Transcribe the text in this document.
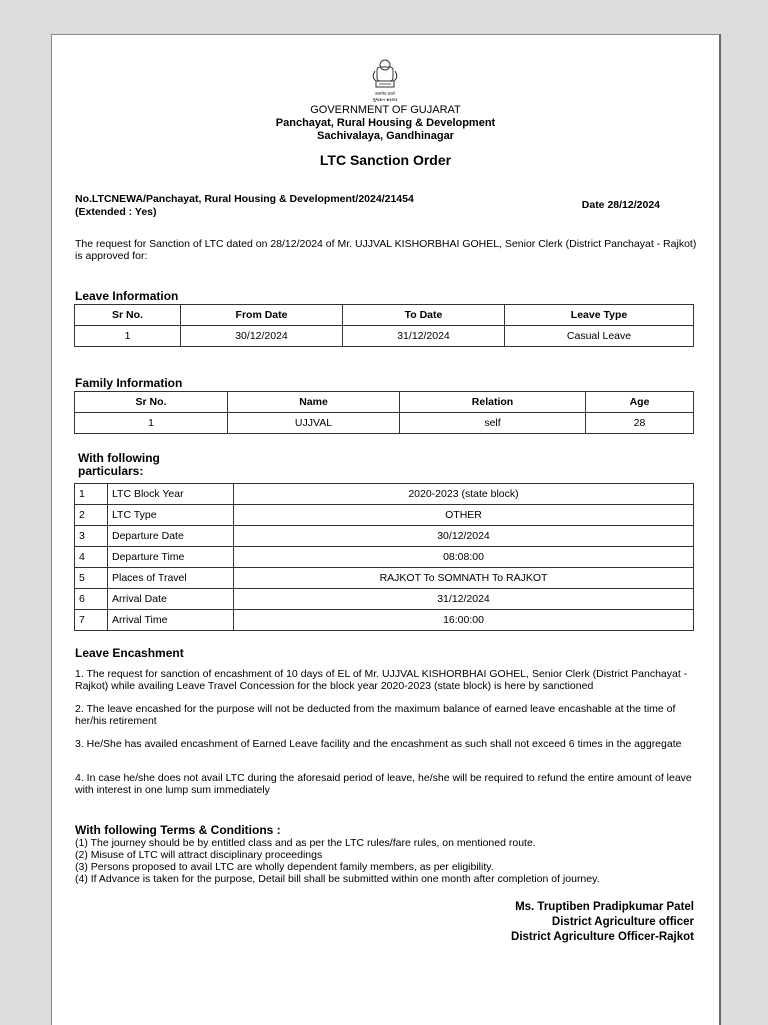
सत्यमेव जयते
ગુજરાત સરકાર
GOVERNMENT OF GUJARAT
Panchayat, Rural Housing & Development
Sachivalaya, Gandhinagar
LTC Sanction Order
No.LTCNEWA/Panchayat, Rural Housing & Development/2024/21454
(Extended : Yes)
Date 28/12/2024
The request for Sanction of LTC dated on 28/12/2024 of Mr. UJJVAL KISHORBHAI GOHEL, Senior Clerk (District Panchayat - Rajkot) is approved for:
Leave Information
Sr No.	From Date	To Date	Leave Type
1	30/12/2024	31/12/2024	Casual Leave
Family Information
Sr No.	Name	Relation	Age
1	UJJVAL	self	28
With following
particulars:
1	LTC Block Year	2020-2023 (state block)
2	LTC Type	OTHER
3	Departure Date	30/12/2024
4	Departure Time	08:08:00
5	Places of Travel	RAJKOT To SOMNATH To RAJKOT
6	Arrival Date	31/12/2024
7	Arrival Time	16:00:00
Leave Encashment
1. The request for sanction of encashment of 10 days of EL of Mr. UJJVAL KISHORBHAI GOHEL, Senior Clerk (District Panchayat - Rajkot) while availing Leave Travel Concession for the block year 2020-2023 (state block) is here by sanctioned
2. The leave encashed for the purpose will not be deducted from the maximum balance of earned leave encashable at the time of her/his retirement
3. He/She has availed encashment of Earned Leave facility and the encashment as such shall not exceed 6 times in the aggregate
4. In case he/she does not avail LTC during the aforesaid period of leave, he/she will be required to refund the entire amount of leave with interest in one lump sum immediately
With following Terms & Conditions :
(1) The journey should be by entitled class and as per the LTC rules/fare rules, on mentioned route.
(2) Misuse of LTC will attract disciplinary proceedings
(3) Persons proposed to avail LTC are wholly dependent family members, as per eligibility.
(4) If Advance is taken for the purpose, Detail bill shall be submitted within one month after completion of journey.
Ms. Truptiben Pradipkumar Patel
District Agriculture officer
District Agriculture Officer-Rajkot
